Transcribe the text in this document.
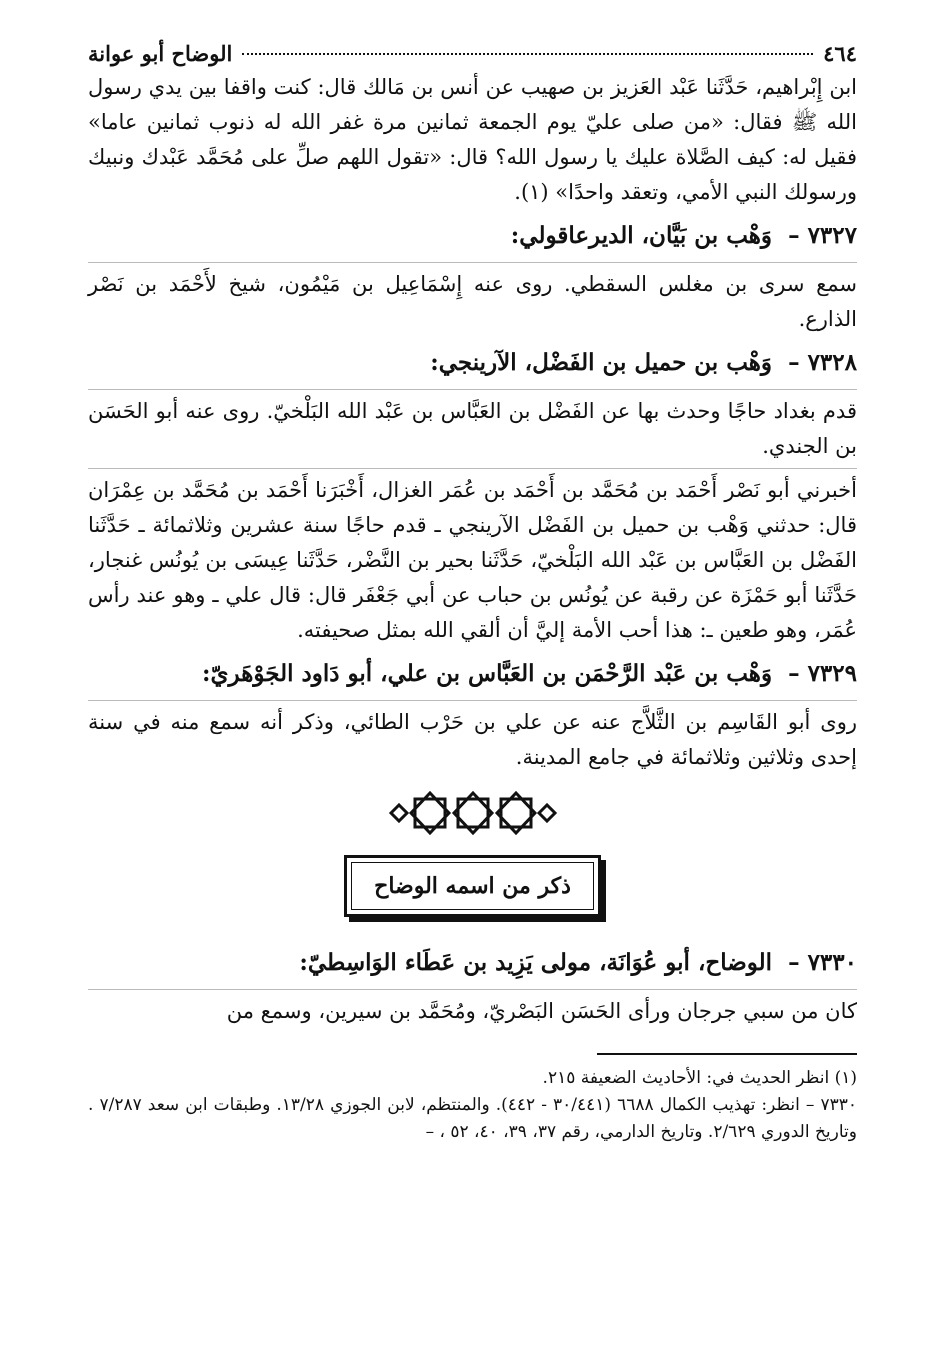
٤٦٤
الوضاح أبو عوانة

ابن إِبْراهيم، حَدَّثَنا عَبْد العَزيز بن صهيب عن أنس بن مَالك قال: كنت واقفا بين يدي رسول الله ﷺ فقال: «من صلى عليّ يوم الجمعة ثمانين مرة غفر الله له ذنوب ثمانين عاما» فقيل له: كيف الصَّلاة عليك يا رسول الله؟ قال: «تقول اللهم صلِّ على مُحَمَّد عَبْدك ونبيك ورسولك النبي الأمي، وتعقد واحدًا» (١).

٧٣٢٧ – وَهْب بن بَيَّان، الديرعاقولي:

سمع سرى بن مغلس السقطي. روى عنه إِسْمَاعِيل بن مَيْمُون، شيخ لأَحْمَد بن نَصْر الذارع.

٧٣٢٨ – وَهْب بن حميل بن الفَضْل، الآرينجي:

قدم بغداد حاجًا وحدث بها عن الفَضْل بن العَبَّاس بن عَبْد الله البَلْخيّ. روى عنه أبو الحَسَن بن الجندي.

أخبرني أبو نَصْر أَحْمَد بن مُحَمَّد بن أَحْمَد بن عُمَر الغزال، أَخْبَرَنا أَحْمَد بن مُحَمَّد بن عِمْرَان قال: حدثني وَهْب بن حميل بن الفَضْل الآرينجي ـ قدم حاجًا سنة عشرين وثلاثمائة ـ حَدَّثَنا الفَضْل بن العَبَّاس بن عَبْد الله البَلْخيّ، حَدَّثَنا بحير بن النَّضْر، حَدَّثَنا عِيسَى بن يُونُس غنجار، حَدَّثَنا أبو حَمْزَة عن رقبة عن يُونُس بن حباب عن أبي جَعْفَر قال: قال علي ـ وهو عند رأس عُمَر، وهو طعين ـ: هذا أحب الأمة إليَّ أن ألقي الله بمثل صحيفته.

٧٣٢٩ – وَهْب بن عَبْد الرَّحْمَن بن العَبَّاس بن علي، أبو دَاود الجَوْهَريّ:

روى أبو القَاسِم بن الثَّلاَّج عنه عن علي بن حَرْب الطائي، وذكر أنه سمع منه في سنة إحدى وثلاثين وثلاثمائة في جامع المدينة.

ذكر من اسمه الوضاح
٧٣٣٠ – الوضاح، أبو عُوَانَة، مولى يَزِيد بن عَطَاء الوَاسِطيّ:

كان من سبي جرجان ورأى الحَسَن البَصْريّ، ومُحَمَّد بن سيرين، وسمع من

(١) انظر الحديث في: الأحاديث الضعيفة ٢١٥.

٧٣٣٠ – انظر: تهذيب الكمال ٦٦٨٨ (٣٠/٤٤١ - ٤٤٢). والمنتظم، لابن الجوزي ١٣/٢٨. وطبقات ابن سعد ٧/٢٨٧ . وتاريخ الدوري ٢/٦٢٩. وتاريخ الدارمي، رقم ٣٧، ٣٩، ٤٠، ٥٢ ، –
